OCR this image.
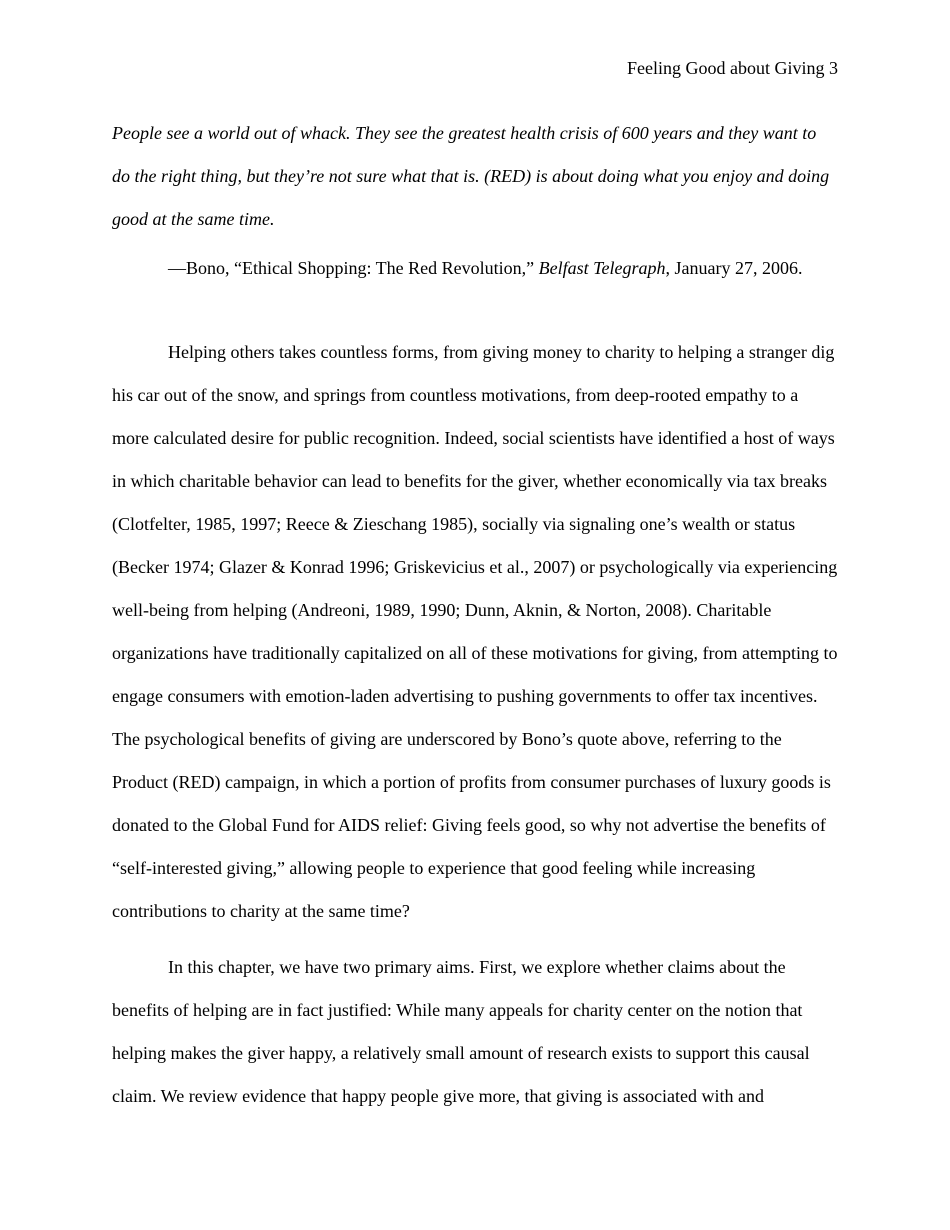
Feeling Good about Giving 3

People see a world out of whack. They see the greatest health crisis of 600 years and they want to do the right thing, but they’re not sure what that is. (RED) is about doing what you enjoy and doing good at the same time.

—Bono, “Ethical Shopping: The Red Revolution,” Belfast Telegraph, January 27, 2006.

Helping others takes countless forms, from giving money to charity to helping a stranger dig his car out of the snow, and springs from countless motivations, from deep-rooted empathy to a more calculated desire for public recognition. Indeed, social scientists have identified a host of ways in which charitable behavior can lead to benefits for the giver, whether economically via tax breaks (Clotfelter, 1985, 1997; Reece & Zieschang 1985), socially via signaling one’s wealth or status (Becker 1974; Glazer & Konrad 1996; Griskevicius et al., 2007) or psychologically via experiencing well-being from helping (Andreoni, 1989, 1990; Dunn, Aknin, & Norton, 2008). Charitable organizations have traditionally capitalized on all of these motivations for giving, from attempting to engage consumers with emotion-laden advertising to pushing governments to offer tax incentives. The psychological benefits of giving are underscored by Bono’s quote above, referring to the Product (RED) campaign, in which a portion of profits from consumer purchases of luxury goods is donated to the Global Fund for AIDS relief: Giving feels good, so why not advertise the benefits of “self-interested giving,” allowing people to experience that good feeling while increasing contributions to charity at the same time?

In this chapter, we have two primary aims. First, we explore whether claims about the benefits of helping are in fact justified: While many appeals for charity center on the notion that helping makes the giver happy, a relatively small amount of research exists to support this causal claim. We review evidence that happy people give more, that giving is associated with and
